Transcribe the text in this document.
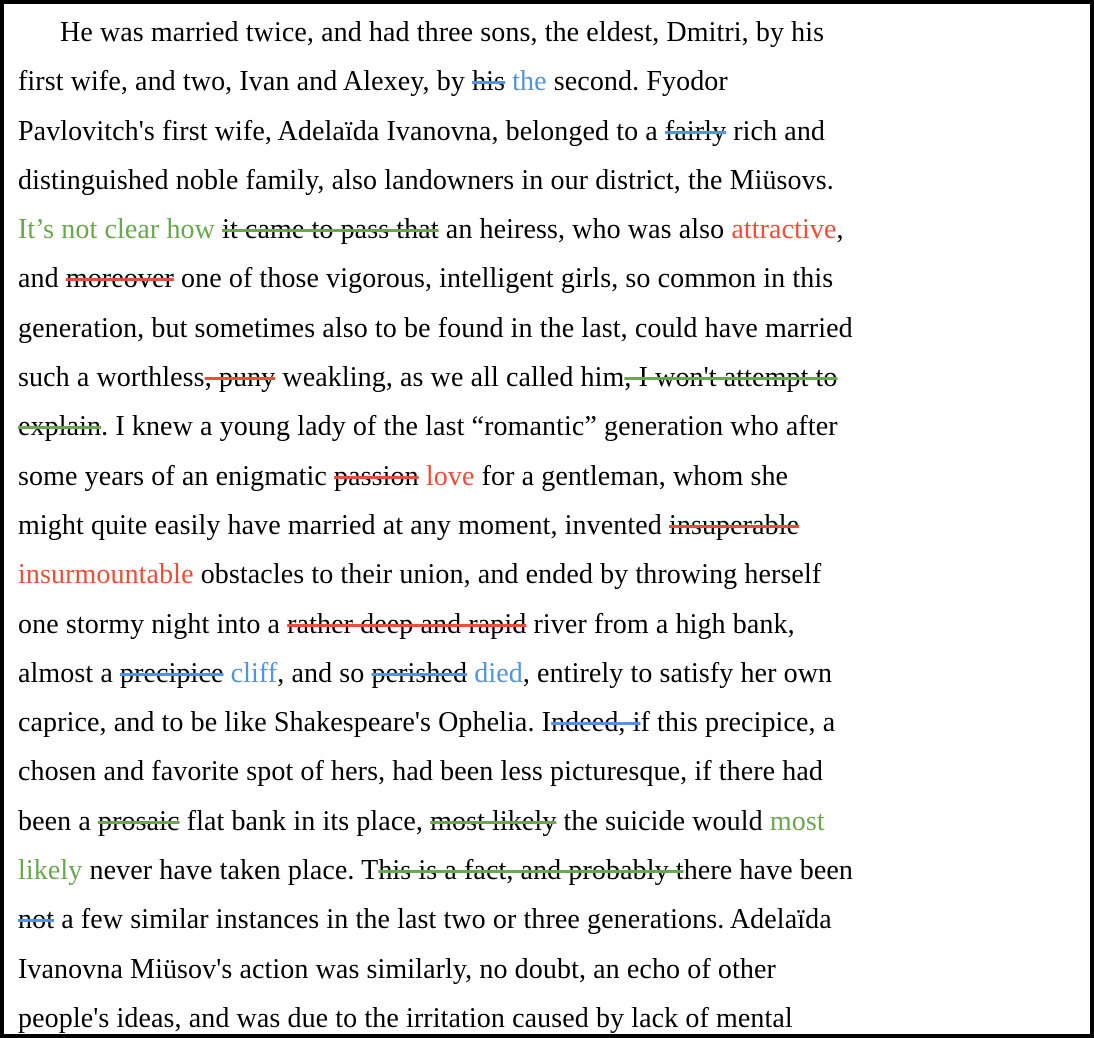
He was married twice, and had three sons, the eldest, Dmitri, by his
first wife, and two, Ivan and Alexey, by his the second. Fyodor
Pavlovitch's first wife, Adelaïda Ivanovna, belonged to a fairly rich and
distinguished noble family, also landowners in our district, the Miüsovs.
It’s not clear how it came to pass that an heiress, who was also attractive,
and moreover one of those vigorous, intelligent girls, so common in this
generation, but sometimes also to be found in the last, could have married
such a worthless, puny weakling, as we all called him, I won't attempt to
explain. I knew a young lady of the last “romantic” generation who after
some years of an enigmatic passion love for a gentleman, whom she
might quite easily have married at any moment, invented insuperable
insurmountable obstacles to their union, and ended by throwing herself
one stormy night into a rather deep and rapid river from a high bank,
almost a precipice cliff, and so perished died, entirely to satisfy her own
caprice, and to be like Shakespeare's Ophelia. Indeed, if this precipice, a
chosen and favorite spot of hers, had been less picturesque, if there had
been a prosaic flat bank in its place, most likely the suicide would most
likely never have taken place. This is a fact, and probably there have been
not a few similar instances in the last two or three generations. Adelaïda
Ivanovna Miüsov's action was similarly, no doubt, an echo of other
people's ideas, and was due to the irritation caused by lack of mental
